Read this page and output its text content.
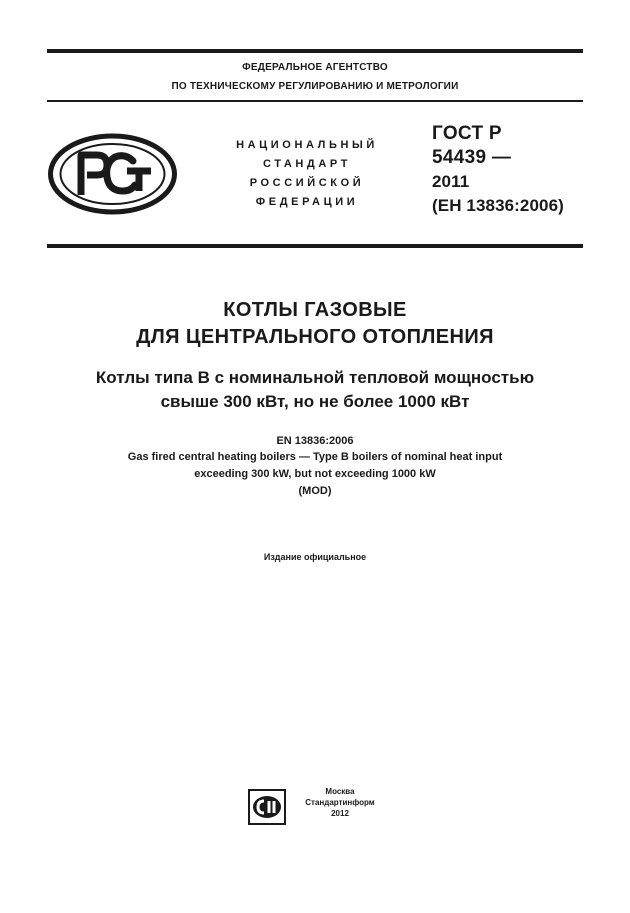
ФЕДЕРАЛЬНОЕ АГЕНТСТВО
ПО ТЕХНИЧЕСКОМУ РЕГУЛИРОВАНИЮ И МЕТРОЛОГИИ
РСТ
НАЦИОНАЛЬНЫЙ
СТАНДАРТ
РОССИЙСКОЙ
ФЕДЕРАЦИИ
ГОСТ Р
54439 —
2011
(ЕН 13836:2006)
КОТЛЫ ГАЗОВЫЕ
ДЛЯ ЦЕНТРАЛЬНОГО ОТОПЛЕНИЯ
Котлы типа В с номинальной тепловой мощностью
свыше 300 кВт, но не более 1000 кВт
EN 13836:2006
Gas fired central heating boilers — Type B boilers of nominal heat input
exceeding 300 kW, but not exceeding 1000 kW
(MOD)
Издание официальное
Москва
Стандартинформ
2012
